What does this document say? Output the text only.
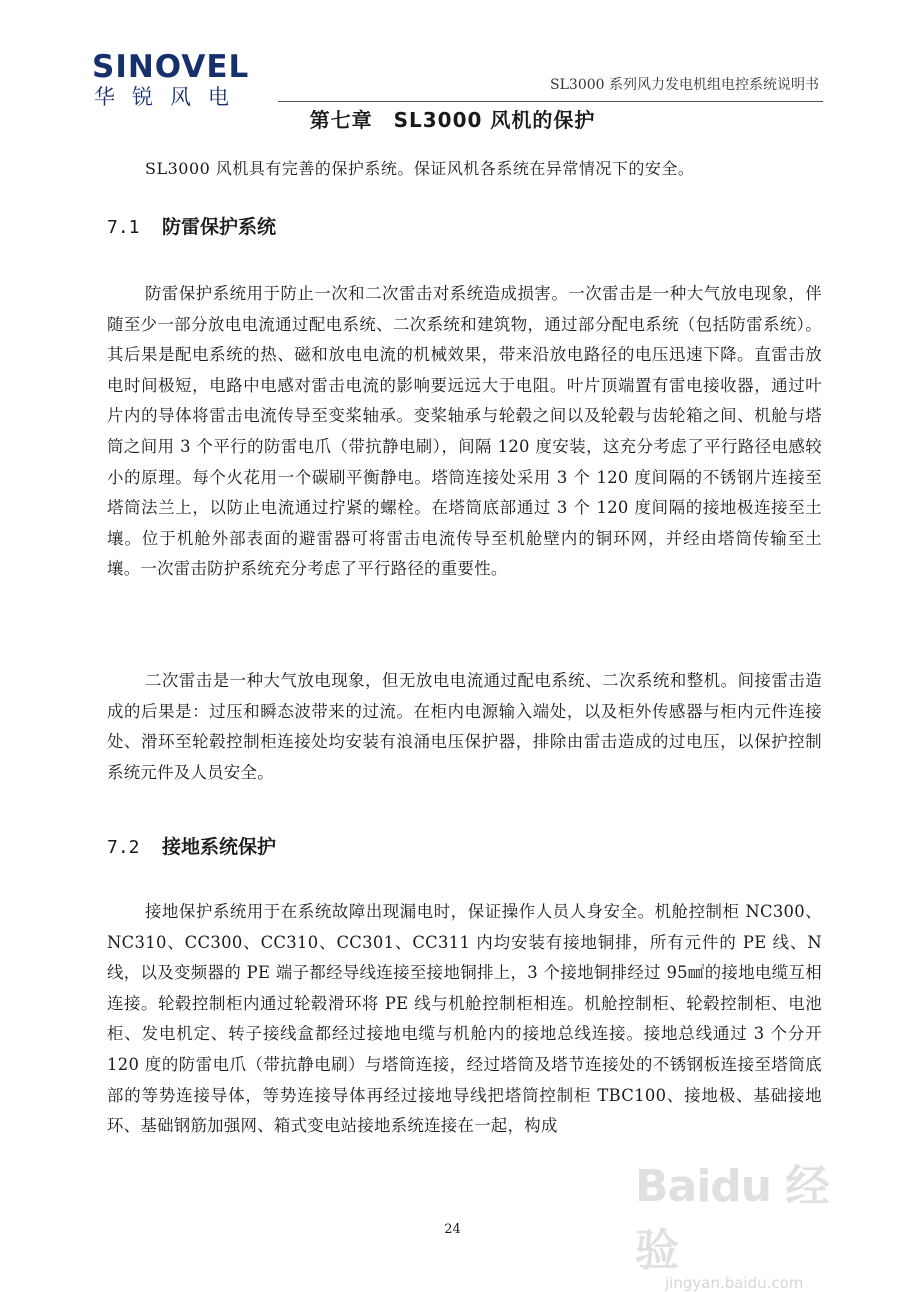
SINOVEL
华锐风电	SL3000 系列风力发电机组电控系统说明书
第七章　SL3000 风机的保护
SL3000 风机具有完善的保护系统。保证风机各系统在异常情况下的安全。
7.1 防雷保护系统
防雷保护系统用于防止一次和二次雷击对系统造成损害。一次雷击是一种大气放电现象，伴随至少一部分放电电流通过配电系统、二次系统和建筑物，通过部分配电系统（包括防雷系统）。其后果是配电系统的热、磁和放电电流的机械效果，带来沿放电路径的电压迅速下降。直雷击放电时间极短，电路中电感对雷击电流的影响要远远大于电阻。叶片顶端置有雷电接收器，通过叶片内的导体将雷击电流传导至变桨轴承。变桨轴承与轮毂之间以及轮毂与齿轮箱之间、机舱与塔筒之间用 3 个平行的防雷电爪（带抗静电刷），间隔 120 度安装，这充分考虑了平行路径电感较小的原理。每个火花用一个碳刷平衡静电。塔筒连接处采用 3 个 120 度间隔的不锈钢片连接至塔筒法兰上，以防止电流通过拧紧的螺栓。在塔筒底部通过 3 个 120 度间隔的接地极连接至土壤。位于机舱外部表面的避雷器可将雷击电流传导至机舱壁内的铜环网，并经由塔筒传输至土壤。一次雷击防护系统充分考虑了平行路径的重要性。
二次雷击是一种大气放电现象，但无放电电流通过配电系统、二次系统和整机。间接雷击造成的后果是：过压和瞬态波带来的过流。在柜内电源输入端处，以及柜外传感器与柜内元件连接处、滑环至轮毂控制柜连接处均安装有浪涌电压保护器，排除由雷击造成的过电压，以保护控制系统元件及人员安全。
7.2 接地系统保护
接地保护系统用于在系统故障出现漏电时，保证操作人员人身安全。机舱控制柜 NC300、NC310、CC300、CC310、CC301、CC311 内均安装有接地铜排，所有元件的 PE 线、N 线，以及变频器的 PE 端子都经导线连接至接地铜排上，3 个接地铜排经过 95㎟的接地电缆互相连接。轮毂控制柜内通过轮毂滑环将 PE 线与机舱控制柜相连。机舱控制柜、轮毂控制柜、电池柜、发电机定、转子接线盒都经过接地电缆与机舱内的接地总线连接。接地总线通过 3 个分开 120 度的防雷电爪（带抗静电刷）与塔筒连接，经过塔筒及塔节连接处的不锈钢板连接至塔筒底部的等势连接导体，等势连接导体再经过接地导线把塔筒控制柜 TBC100、接地极、基础接地环、基础钢筋加强网、箱式变电站接地系统连接在一起，构成
24
Baidu 经验
jingyan.baidu.com
